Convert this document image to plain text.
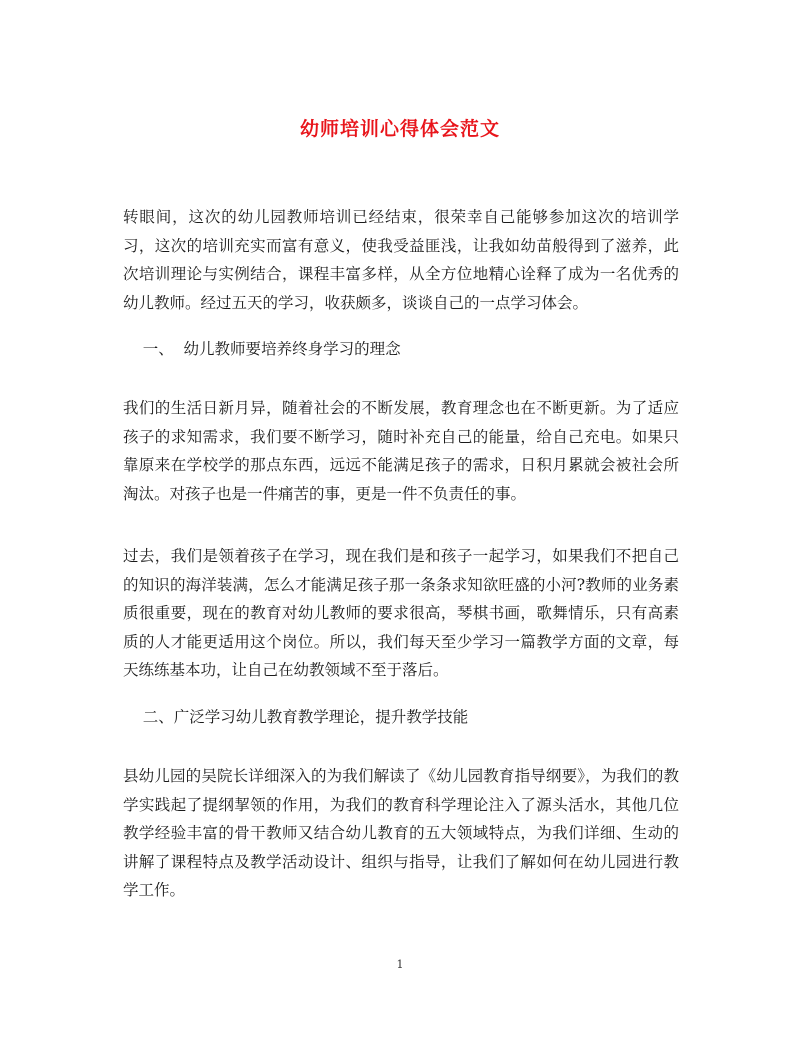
幼师培训心得体会范文
转眼间，这次的幼儿园教师培训已经结束，很荣幸自己能够参加这次的培训学习，这次的培训充实而富有意义，使我受益匪浅，让我如幼苗般得到了滋养，此次培训理论与实例结合，课程丰富多样，从全方位地精心诠释了成为一名优秀的幼儿教师。经过五天的学习，收获颇多，谈谈自己的一点学习体会。
一、  幼儿教师要培养终身学习的理念
我们的生活日新月异，随着社会的不断发展，教育理念也在不断更新。为了适应孩子的求知需求，我们要不断学习，随时补充自己的能量，给自己充电。如果只靠原来在学校学的那点东西，远远不能满足孩子的需求，日积月累就会被社会所淘汰。对孩子也是一件痛苦的事，更是一件不负责任的事。
过去，我们是领着孩子在学习，现在我们是和孩子一起学习，如果我们不把自己的知识的海洋装满，怎么才能满足孩子那一条条求知欲旺盛的小河?教师的业务素质很重要，现在的教育对幼儿教师的要求很高，琴棋书画，歌舞情乐，只有高素质的人才能更适用这个岗位。所以，我们每天至少学习一篇教学方面的文章，每天练练基本功，让自己在幼教领域不至于落后。
二、广泛学习幼儿教育教学理论，提升教学技能
县幼儿园的吴院长详细深入的为我们解读了《幼儿园教育指导纲要》，为我们的教学实践起了提纲挈领的作用，为我们的教育科学理论注入了源头活水，其他几位教学经验丰富的骨干教师又结合幼儿教育的五大领域特点，为我们详细、生动的讲解了课程特点及教学活动设计、组织与指导，让我们了解如何在幼儿园进行教学工作。
1
